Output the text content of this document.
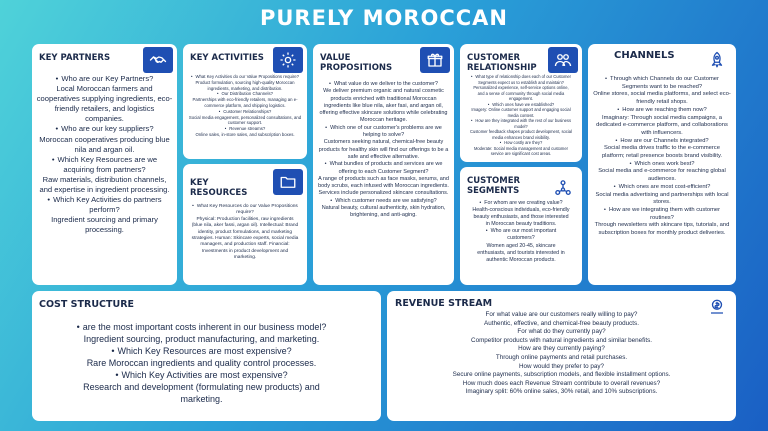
PURELY MOROCCAN
KEY PARTNERS
• Who are our Key Partners?
Local Moroccan farmers and cooperatives supplying ingredients, eco-friendly retailers, and logistics companies.
• Who are our key suppliers?
Moroccan cooperatives producing blue nila and argan oil.
• Which Key Resources are we acquiring from partners?
Raw materials, distribution channels, and expertise in ingredient processing.
• Which Key Activities do partners perform?
Ingredient sourcing and primary processing.
KEY ACTIVITIES
• What Key Activities do our Value Propositions require?
Product formulation, sourcing high-quality Moroccan ingredients, marketing, and distribution.
• Our Distribution Channels?
Partnerships with eco-friendly retailers, managing an e-commerce platform, and shipping logistics.
• Customer Relationships?
Social media engagement, personalized consultations, and customer support.
• Revenue streams?
Online sales, in-store sales, and subscription boxes.
KEY RESOURCES
• What Key Resources do our Value Propositions require?
Physical: Production facilities, raw ingredients (blue nila, aker fassi, argan oil). Intellectual: Brand identity, product formulations, and marketing strategies. Human: Skincare experts, social media managers, and production staff. Financial: Investments in product development and marketing.
VALUE PROPOSITIONS
• What value do we deliver to the customer?
We deliver premium organic and natural cosmetic products enriched with traditional Moroccan ingredients like blue nila, aker fasi, and argan oil, offering effective skincare solutions while celebrating Moroccan heritage.
• Which one of our customer's problems are we helping to solve?
Customers seeking natural, chemical-free beauty products for healthy skin will find our offerings to be a safe and effective alternative.
• What bundles of products and services are we offering to each Customer Segment?
A range of products such as face masks, serums, and body scrubs, each infused with Moroccan ingredients. Services include personalized skincare consultations.
• Which customer needs are we satisfying?
Natural beauty, cultural authenticity, skin hydration, brightening, and anti-aging.
CUSTOMER RELATIONSHIP
• What type of relationship does each of our Customer Segments expect us to establish and maintain?
Personalized experience, self-service options online, and a sense of community through social media engagement.
• Which ones have we established?
Imagery: Online customer support and engaging social media content.
• How are they integrated with the rest of our business model?
Customer feedback shapes product development, social media enhances brand visibility.
• How costly are they?
Moderate: Social media management and customer service are significant cost areas.
CUSTOMER SEGMENTS
• For whom are we creating value?
Health-conscious individuals, eco-friendly beauty enthusiasts, and those interested in Moroccan beauty traditions.
• Who are our most important customers?
Women aged 20-45, skincare enthusiasts, and tourists interested in authentic Moroccan products.
CHANNELS
• Through which Channels do our Customer Segments want to be reached?
Online stores, social media platforms, and select eco-friendly retail shops.
• How are we reaching them now?
Imaginary: Through social media campaigns, a dedicated e-commerce platform, and collaborations with influencers.
• How are our Channels integrated?
Social media drives traffic to the e-commerce platform; retail presence boosts brand visibility.
• Which ones work best?
Social media and e-commerce for reaching global audiences.
• Which ones are most cost-efficient?
Social media advertising and partnerships with local stores.
• How are we integrating them with customer routines?
Through newsletters with skincare tips, tutorials, and subscription boxes for monthly product deliveries.
COST STRUCTURE
• are the most important costs inherent in our business model?
Ingredient sourcing, product manufacturing, and marketing.
• Which Key Resources are most expensive?
Rare Moroccan ingredients and quality control processes.
• Which Key Activities are most expensive?
Research and development (formulating new products) and marketing.
REVENUE STREAM
For what value are our customers really willing to pay?
Authentic, effective, and chemical-free beauty products.
For what do they currently pay?
Competitor products with natural ingredients and similar benefits.
How are they currently paying?
Through online payments and retail purchases.
How would they prefer to pay?
Secure online payments, subscription models, and flexible installment options.
How much does each Revenue Stream contribute to overall revenues?
Imaginary split: 60% online sales, 30% retail, and 10% subscriptions.
